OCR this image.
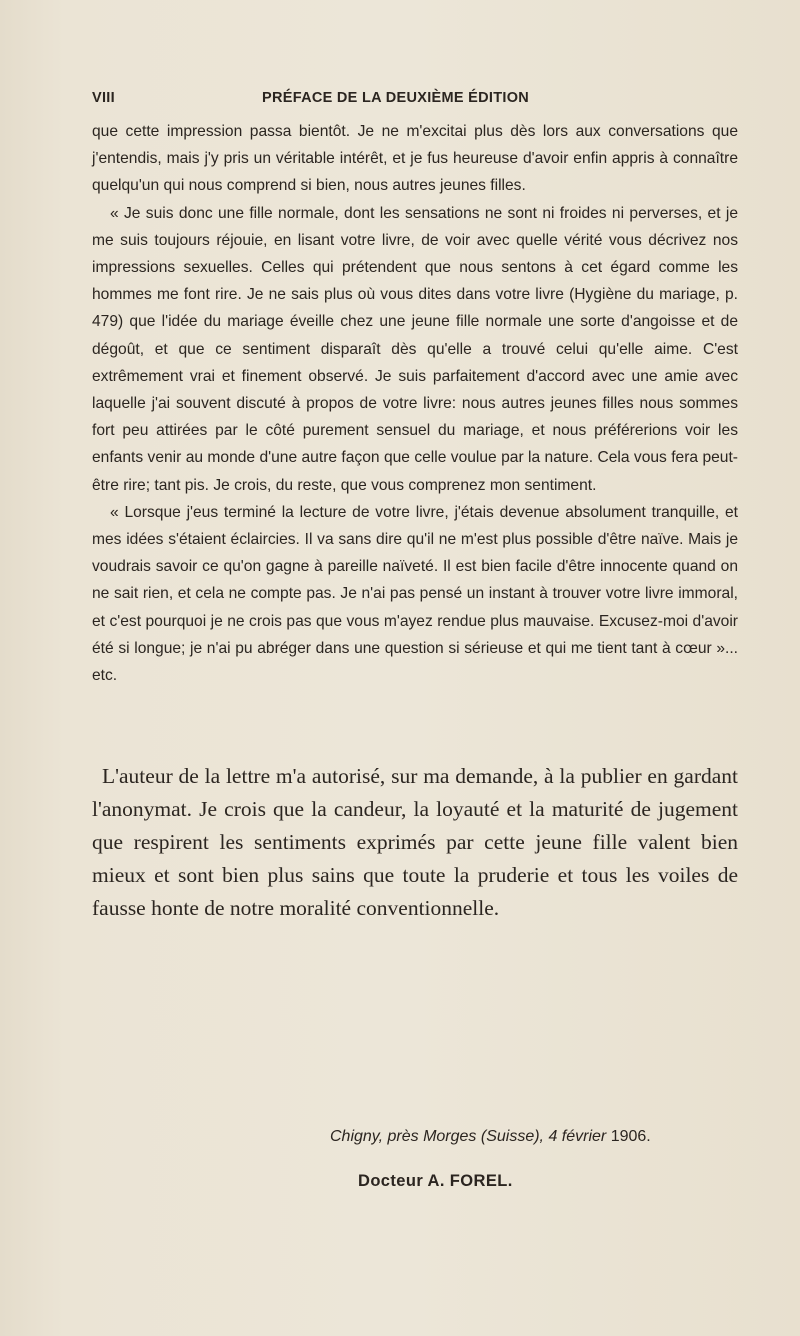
VIII	PRÉFACE DE LA DEUXIÈME ÉDITION

que cette impression passa bientôt. Je ne m'excitai plus dès lors aux conversations que j'entendis, mais j'y pris un véritable intérêt, et je fus heureuse d'avoir enfin appris à connaître quelqu'un qui nous comprend si bien, nous autres jeunes filles.

« Je suis donc une fille normale, dont les sensations ne sont ni froides ni perverses, et je me suis toujours réjouie, en lisant votre livre, de voir avec quelle vérité vous décrivez nos impressions sexuelles. Celles qui prétendent que nous sentons à cet égard comme les hommes me font rire. Je ne sais plus où vous dites dans votre livre (Hygiène du mariage, p. 479) que l'idée du mariage éveille chez une jeune fille normale une sorte d'angoisse et de dégoût, et que ce sentiment disparaît dès qu'elle a trouvé celui qu'elle aime. C'est extrêmement vrai et finement observé. Je suis parfaitement d'accord avec une amie avec laquelle j'ai souvent discuté à propos de votre livre: nous autres jeunes filles nous sommes fort peu attirées par le côté purement sensuel du mariage, et nous préférerions voir les enfants venir au monde d'une autre façon que celle voulue par la nature. Cela vous fera peut-être rire; tant pis. Je crois, du reste, que vous comprenez mon sentiment.

« Lorsque j'eus terminé la lecture de votre livre, j'étais devenue absolument tranquille, et mes idées s'étaient éclaircies. Il va sans dire qu'il ne m'est plus possible d'être naïve. Mais je voudrais savoir ce qu'on gagne à pareille naïveté. Il est bien facile d'être innocente quand on ne sait rien, et cela ne compte pas. Je n'ai pas pensé un instant à trouver votre livre immoral, et c'est pourquoi je ne crois pas que vous m'ayez rendue plus mauvaise. Excusez-moi d'avoir été si longue; je n'ai pu abréger dans une question si sérieuse et qui me tient tant à cœur »... etc.

L'auteur de la lettre m'a autorisé, sur ma demande, à la publier en gardant l'anonymat. Je crois que la candeur, la loyauté et la maturité de jugement que respirent les sentiments exprimés par cette jeune fille valent bien mieux et sont bien plus sains que toute la pruderie et tous les voiles de fausse honte de notre moralité conventionnelle.

Chigny, près Morges (Suisse), 4 février 1906.
Docteur A. FOREL.
